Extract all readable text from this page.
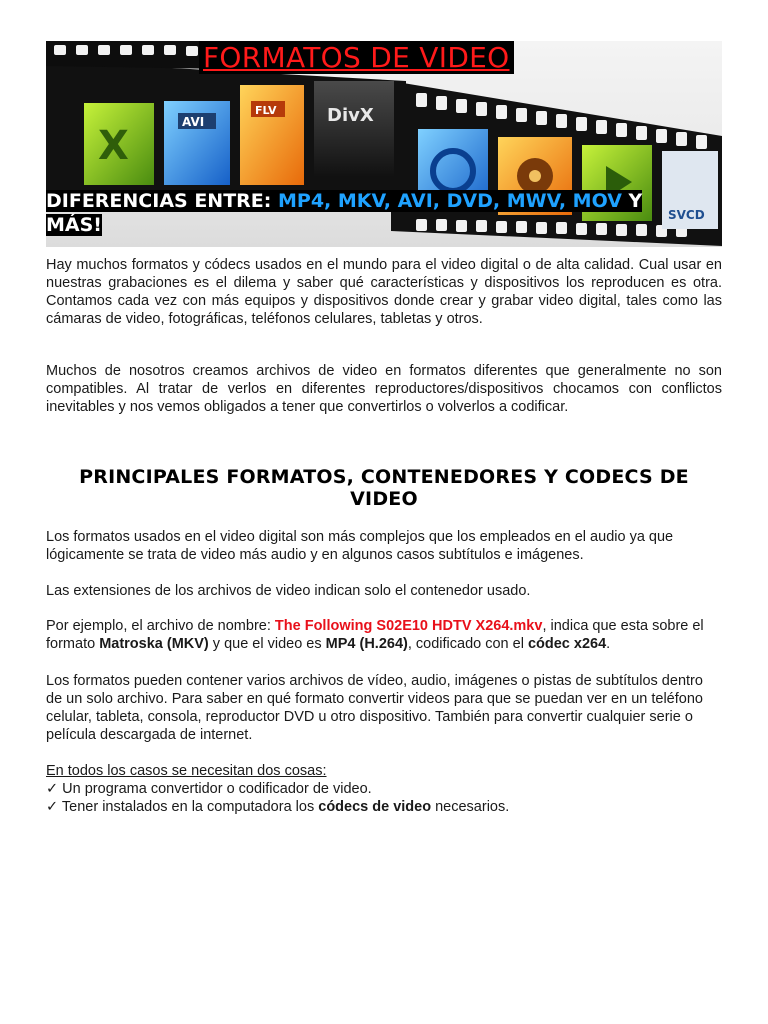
X
AVI
FLV	DivX
SVCD
FORMATOS DE VIDEO
DIFERENCIAS ENTRE: MP4, MKV, AVI, DVD, MWV, MOV Y
MÁS!

Hay muchos formatos y códecs usados en el mundo para el video digital o de alta calidad. Cual usar en nuestras grabaciones es el dilema y saber qué características y dispositivos los reproducen es otra. Contamos cada vez con más equipos y dispositivos donde crear y grabar video digital, tales como las cámaras de video, fotográficas, teléfonos celulares, tabletas y otros.

Muchos de nosotros creamos archivos de video en formatos diferentes que generalmente no son compatibles. Al tratar de verlos en diferentes reproductores/dispositivos chocamos con conflictos inevitables y nos vemos obligados a tener que convertirlos o volverlos a codificar.

PRINCIPALES FORMATOS, CONTENEDORES Y CODECS DE VIDEO

Los formatos usados en el video digital son más complejos que los empleados en el audio ya que lógicamente se trata de video más audio y en algunos casos subtítulos e imágenes.

Las extensiones de los archivos de video indican solo el contenedor usado.

Por ejemplo, el archivo de nombre: The Following S02E10 HDTV X264.mkv, indica que esta sobre el formato Matroska (MKV) y que el video es MP4 (H.264), codificado con el códec x264.

Los formatos pueden contener varios archivos de vídeo, audio, imágenes o pistas de subtítulos dentro de un solo archivo. Para saber en qué formato convertir videos para que se puedan ver en un teléfono celular, tableta, consola, reproductor DVD u otro dispositivo. También para convertir cualquier serie o película descargada de internet.

En todos los casos se necesitan dos cosas:
✓ Un programa convertidor o codificador de video.
✓ Tener instalados en la computadora los códecs de video necesarios.
